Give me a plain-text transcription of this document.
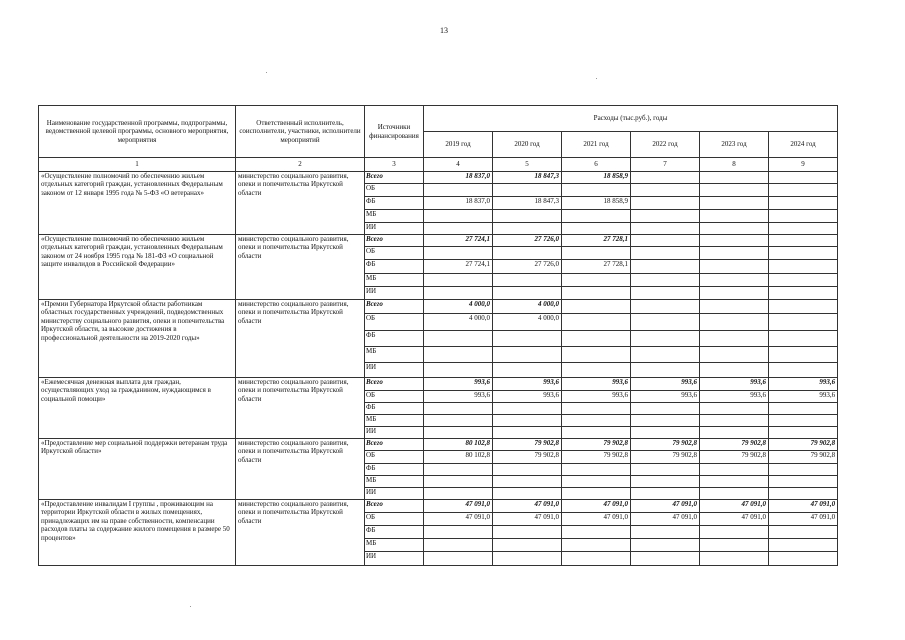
13
Наименование государственной программы, подпрограммы, ведомственной целевой программы, основного мероприятия, мероприятия	Ответственный исполнитель, соисполнители, участники, исполнители мероприятий	Источники финансирования	Расходы (тыс.руб.), годы					
			2019 год	2020 год	2021 год	2022 год	2023 год	2024 год
1	2	3	4	5	6	7	8	9
«Осуществление полномочий по обеспечению жильем отдельных категорий граждан, установленных Федеральным законом от 12 января 1995 года № 5-ФЗ «О ветеранах»	министерство социального развития, опеки и попечительства Иркутской области	Всего	18 837,0	18 847,3	18 858,9			
		ОБ						
		ФБ	18 837,0	18 847,3	18 858,9			
		МБ						
		ИИ						
«Осуществление полномочий по обеспечению жильем отдельных категорий граждан, установленных Федеральным законом от 24 ноября 1995 года № 181-ФЗ «О социальной защите инвалидов в Российской Федерации»	министерство социального развития, опеки и попечительства Иркутской области	Всего	27 724,1	27 726,0	27 728,1			
		ОБ						
		ФБ	27 724,1	27 726,0	27 728,1			
		МБ						
		ИИ						
«Премии Губернатора Иркутской области работникам областных государственных учреждений, подведомственных министерству социального развития, опеки и попечительства Иркутской области, за высокие достижения в профессиональной деятельности на 2019-2020 годы»	министерство социального развития, опеки и попечительства Иркутской области	Всего	4 000,0	4 000,0				
		ОБ	4 000,0	4 000,0				
		ФБ						
		МБ						
		ИИ						
«Ежемесячная денежная выплата для граждан, осуществляющих уход за гражданином, нуждающимся в социальной помощи»	министерство социального развития, опеки и попечительства Иркутской области	Всего	993,6	993,6	993,6	993,6	993,6	993,6
		ОБ	993,6	993,6	993,6	993,6	993,6	993,6
		ФБ						
		МБ						
		ИИ						
«Предоставление мер социальной поддержки ветеранам труда Иркутской области»	министерство социального развития, опеки и попечительства Иркутской области	Всего	80 102,8	79 902,8	79 902,8	79 902,8	79 902,8	79 902,8
		ОБ	80 102,8	79 902,8	79 902,8	79 902,8	79 902,8	79 902,8
		ФБ						
		МБ						
		ИИ						
«Предоставление инвалидам I группы , проживающим на территории Иркутской области в жилых помещениях, принадлежащих им на праве собственности, компенсации расходов платы за содержание жилого помещения в размере 50 процентов»	министерство социального развития, опеки и попечительства Иркутской области	Всего	47 091,0	47 091,0	47 091,0	47 091,0	47 091,0	47 091,0
		ОБ	47 091,0	47 091,0	47 091,0	47 091,0	47 091,0	47 091,0
		ФБ						
		МБ						
		ИИ						
